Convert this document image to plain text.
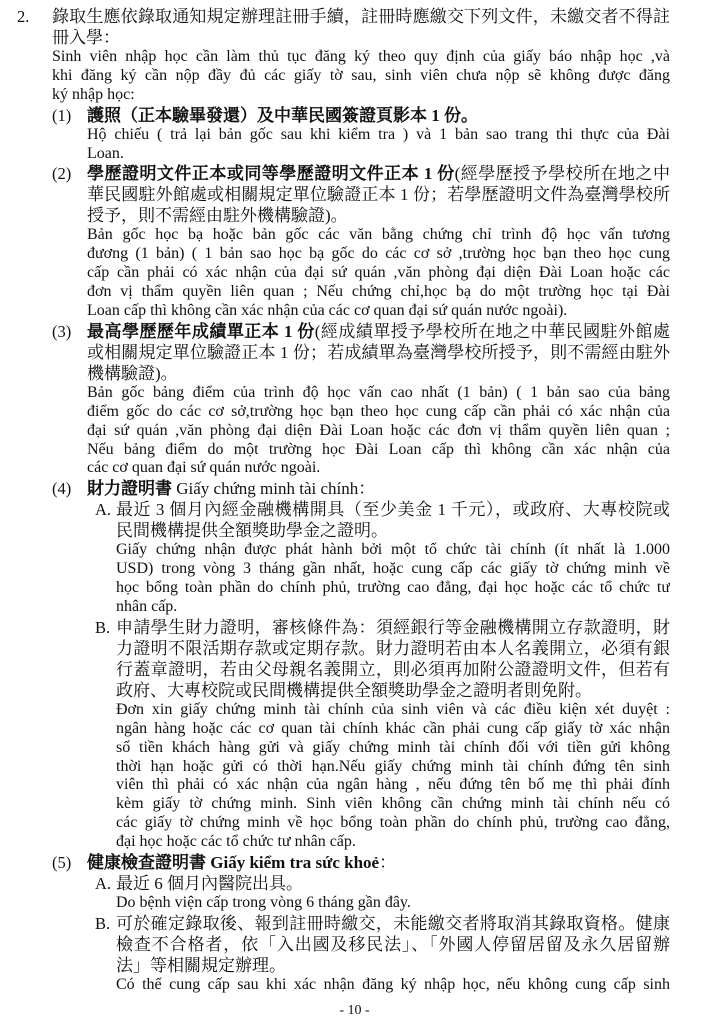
2. 錄取生應依錄取通知規定辦理註冊手續，註冊時應繳交下列文件，未繳交者不得註
冊入學：
Sinh viên nhập học cần làm thủ tục đăng ký theo quy định của giấy báo nhập học ,và
khi đăng ký cần nộp đầy đủ các giấy tờ sau, sinh viên chưa nộp sẽ không được đăng
ký nhập học:
(1) 護照（正本驗畢發還）及中華民國簽證頁影本 1 份。
Hộ chiếu ( trả lại bản gốc sau khi kiểm tra ) và 1 bản sao trang thi thực của Đài
Loan.
(2) 學歷證明文件正本或同等學歷證明文件正本 1 份(經學歷授予學校所在地之中
華民國駐外館處或相關規定單位驗證正本 1 份；若學歷證明文件為臺灣學校所
授予，則不需經由駐外機構驗證)。
Bản gốc học bạ hoặc bản gốc các văn bằng chứng chỉ trình độ học vấn tương
đương (1 bản) ( 1 bản sao học bạ gốc do các cơ sở ,trường học bạn theo học cung
cấp cần phải có xác nhận của đại sứ quán ,văn phòng đại diện Đài Loan hoặc các
đơn vị thẩm quyền liên quan ; Nếu chứng chỉ,học bạ do một trường học tại Đài
Loan cấp thì không cần xác nhận của các cơ quan đại sứ quán nước ngoài).
(3) 最高學歷歷年成績單正本 1 份(經成績單授予學校所在地之中華民國駐外館處
或相關規定單位驗證正本 1 份；若成績單為臺灣學校所授予，則不需經由駐外
機構驗證)。
Bản gốc bảng điểm của trình độ học vấn cao nhất (1 bản) ( 1 bản sao của bảng
điểm gốc do các cơ sở,trường học bạn theo học cung cấp cần phải có xác nhận của
đại sứ quán ,văn phòng đại diện Đài Loan hoặc các đơn vị thẩm quyền liên quan ;
Nếu bảng điểm do một trường học Đài Loan cấp thì không cần xác nhận của
các cơ quan đại sứ quán nước ngoài.
(4) 財力證明書 Giấy chứng minh tài chính：
A. 最近 3 個月內經金融機構開具（至少美金 1 千元），或政府、大專校院或
民間機構提供全額獎助學金之證明。
Giấy chứng nhận được phát hành bởi một tổ chức tài chính (ít nhất là 1.000
USD) trong vòng 3 tháng gần nhất, hoặc cung cấp các giấy tờ chứng minh về
học bổng toàn phần do chính phủ, trường cao đẳng, đại học hoặc các tổ chức tư
nhân cấp.
B. 申請學生財力證明，審核條件為：須經銀行等金融機構開立存款證明，財
力證明不限活期存款或定期存款。財力證明若由本人名義開立，必須有銀
行蓋章證明，若由父母親名義開立，則必須再加附公證證明文件，但若有
政府、大專校院或民間機構提供全額獎助學金之證明者則免附。
Đơn xin giấy chứng minh tài chính của sinh viên và các điều kiện xét duyệt :
ngân hàng hoặc các cơ quan tài chính khác cần phải cung cấp giấy tờ xác nhận
số tiền khách hàng gửi và giấy chứng minh tài chính đối với tiền gửi không
thời hạn hoặc gửi có thời hạn.Nếu giấy chứng minh tài chính đứng tên sinh
viên thì phải có xác nhận của ngân hàng , nếu đứng tên bố mẹ thì phải đính
kèm giấy tờ chứng minh. Sinh viên không cần chứng minh tài chính nếu có
các giấy tờ chứng minh về học bổng toàn phần do chính phủ, trường cao đẳng,
đại học hoặc các tổ chức tư nhân cấp.
(5) 健康檢查證明書 Giấy kiểm tra sức khoẻ：
A. 最近 6 個月內醫院出具。
Do bệnh viện cấp trong vòng 6 tháng gần đây.
B. 可於確定錄取後、報到註冊時繳交，未能繳交者將取消其錄取資格。健康
檢查不合格者，依「入出國及移民法」、「外國人停留居留及永久居留辦
法」等相關規定辦理。
Có thể cung cấp sau khi xác nhận đăng ký nhập học, nếu không cung cấp sinh
- 10 -
